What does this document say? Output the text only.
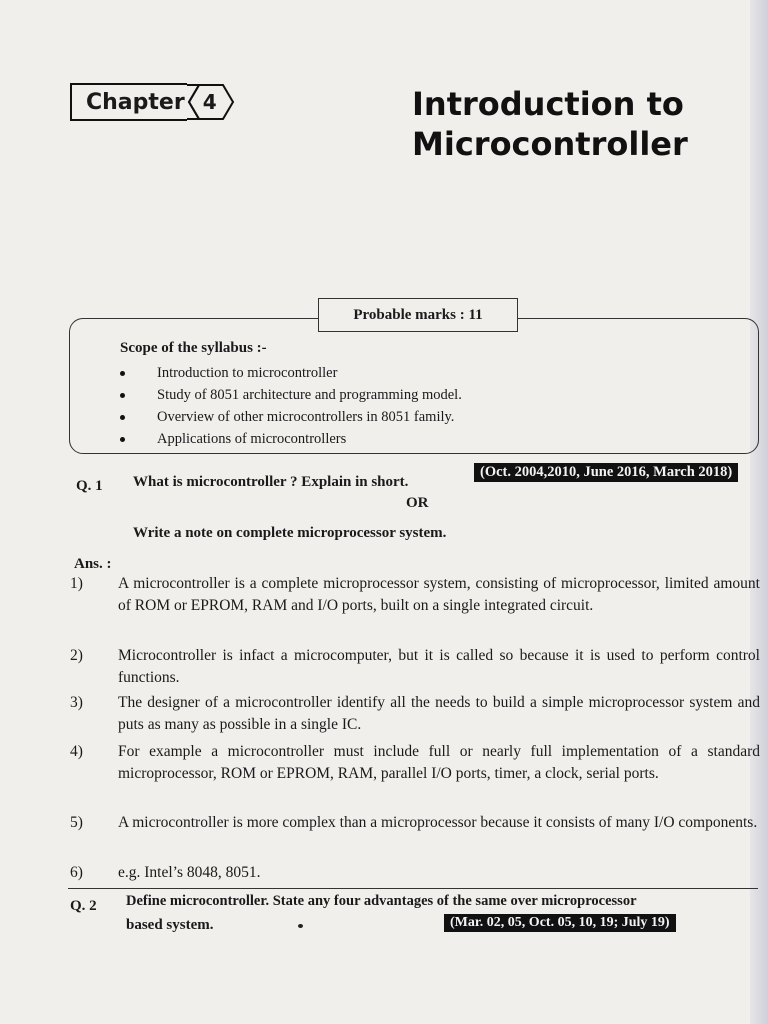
Chapter 4	Introduction to
Microcontroller
Probable marks : 11
Scope of the syllabus :-
Introduction to microcontroller
Study of 8051 architecture and programming model.
Overview of other microcontrollers in 8051 family.
Applications of microcontrollers
Q. 1 What is microcontroller ? Explain in short.
(Oct. 2004,2010, June 2016, March 2018)
OR
Write a note on complete microprocessor system.
Ans. :
1)	A microcontroller is a complete microprocessor system, consisting of microprocessor, limited amount of ROM or EPROM, RAM and I/O ports, built on a single integrated circuit.
2)	Microcontroller is infact a microcomputer, but it is called so because it is used to perform control functions.
3)	The designer of a microcontroller identify all the needs to build a simple microprocessor system and puts as many as possible in a single IC.
4)	For example a microcontroller must include full or nearly full implementation of a standard microprocessor, ROM or EPROM, RAM, parallel I/O ports, timer, a clock, serial ports.
5)	A microcontroller is more complex than a microprocessor because it consists of many I/O components.
6)	e.g. Intel’s 8048, 8051.
Q. 2 Define microcontroller. State any four advantages of the same over microprocessor
based system.	(Mar. 02, 05, Oct. 05, 10, 19; July 19)
